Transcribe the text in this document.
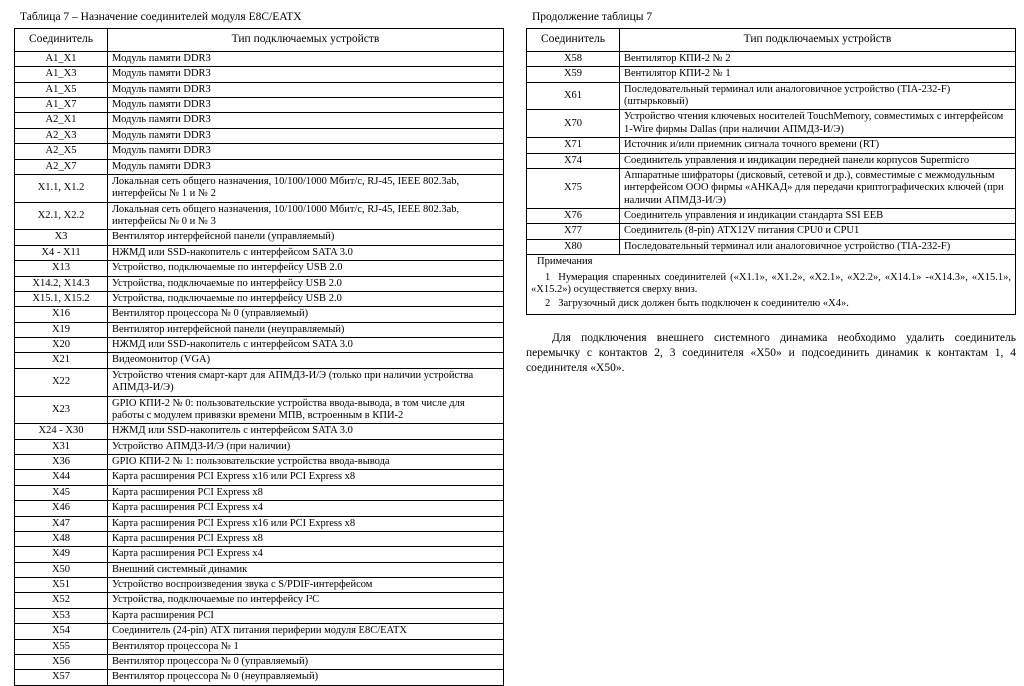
Таблица 7 – Назначение соединителей модуля E8C/EATX
Соединитель	Тип подключаемых устройств
A1_X1	Модуль памяти DDR3
A1_X3	Модуль памяти DDR3
A1_X5	Модуль памяти DDR3
A1_X7	Модуль памяти DDR3
A2_X1	Модуль памяти DDR3
A2_X3	Модуль памяти DDR3
A2_X5	Модуль памяти DDR3
A2_X7	Модуль памяти DDR3
X1.1, X1.2	Локальная сеть общего назначения, 10/100/1000 Мбит/с, RJ-45, IEEE 802.3ab, интерфейсы № 1 и № 2
X2.1, X2.2	Локальная сеть общего назначения, 10/100/1000 Мбит/с, RJ-45, IEEE 802.3ab, интерфейсы № 0 и № 3
X3	Вентилятор интерфейсной панели (управляемый)
X4 - X11	НЖМД или SSD-накопитель с интерфейсом SATA 3.0
X13	Устройство, подключаемые по интерфейсу USB 2.0
X14.2, X14.3	Устройства, подключаемые по интерфейсу USB 2.0
X15.1, X15.2	Устройства, подключаемые по интерфейсу USB 2.0
X16	Вентилятор процессора № 0 (управляемый)
X19	Вентилятор интерфейсной панели (неуправляемый)
X20	НЖМД или SSD-накопитель с интерфейсом SATA 3.0
X21	Видеомонитор (VGA)
X22	Устройство чтения смарт-карт для АПМДЗ-И/Э (только при наличии устройства АПМДЗ-И/Э)
X23	GPIO КПИ-2 № 0: пользовательские устройства ввода-вывода, в том числе для работы с модулем привязки времени МПВ, встроенным в КПИ-2
X24 - X30	НЖМД или SSD-накопитель с интерфейсом SATA 3.0
X31	Устройство АПМДЗ-И/Э (при наличии)
X36	GPIO КПИ-2 № 1: пользовательские устройства ввода-вывода
X44	Карта расширения PCI Express x16 или PCI Express x8
X45	Карта расширения PCI Express x8
X46	Карта расширения PCI Express x4
X47	Карта расширения PCI Express x16 или PCI Express x8
X48	Карта расширения PCI Express x8
X49	Карта расширения PCI Express x4
X50	Внешний системный динамик
X51	Устройство воспроизведения звука с S/PDIF-интерфейсом
X52	Устройства, подключаемые по интерфейсу I²C
X53	Карта расширения PCI
X54	Соединитель (24-pin) ATX питания периферии модуля E8C/EATX
X55	Вентилятор процессора № 1
X56	Вентилятор процессора № 0 (управляемый)
X57	Вентилятор процессора № 0 (неуправляемый)
Продолжение таблицы 7
Соединитель	Тип подключаемых устройств
X58	Вентилятор КПИ-2 № 2
X59	Вентилятор КПИ-2 № 1
X61	Последовательный терминал или аналоговичное устройство (TIA-232-F) (штырьковый)
X70	Устройство чтения ключевых носителей TouchMemory, совместимых с интерфейсом 1-Wire фирмы Dallas (при наличии АПМДЗ-И/Э)
X71	Источник и/или приемник сигнала точного времени (RT)
X74	Соединитель управления и индикации передней панели корпусов Supermicro
X75	Аппаратные шифраторы (дисковый, сетевой и др.), совместимые с межмодульным интерфейсом ООО фирмы «АНКАД» для передачи криптографических ключей (при наличии АПМДЗ-И/Э)
X76	Соединитель управления и индикации стандарта SSI EEB
X77	Соединитель (8-pin) ATX12V питания CPU0 и CPU1
X80	Последовательный терминал или аналоговичное устройство (TIA-232-F)

Примечания
1 Нумерация спаренных соединителей («X1.1», «X1.2», «X2.1», «X2.2», «X14.1» -«X14.3», «X15.1», «X15.2») осуществяется сверху вниз.
2 Загрузочный диск должен быть подключен к соединителю «X4».	
Для подключения внешнего системного динамика необходимо удалить соединитель перемычку с контактов 2, 3 соединителя «X50» и подсоединить динамик к контактам 1, 4 соединителя «X50».
